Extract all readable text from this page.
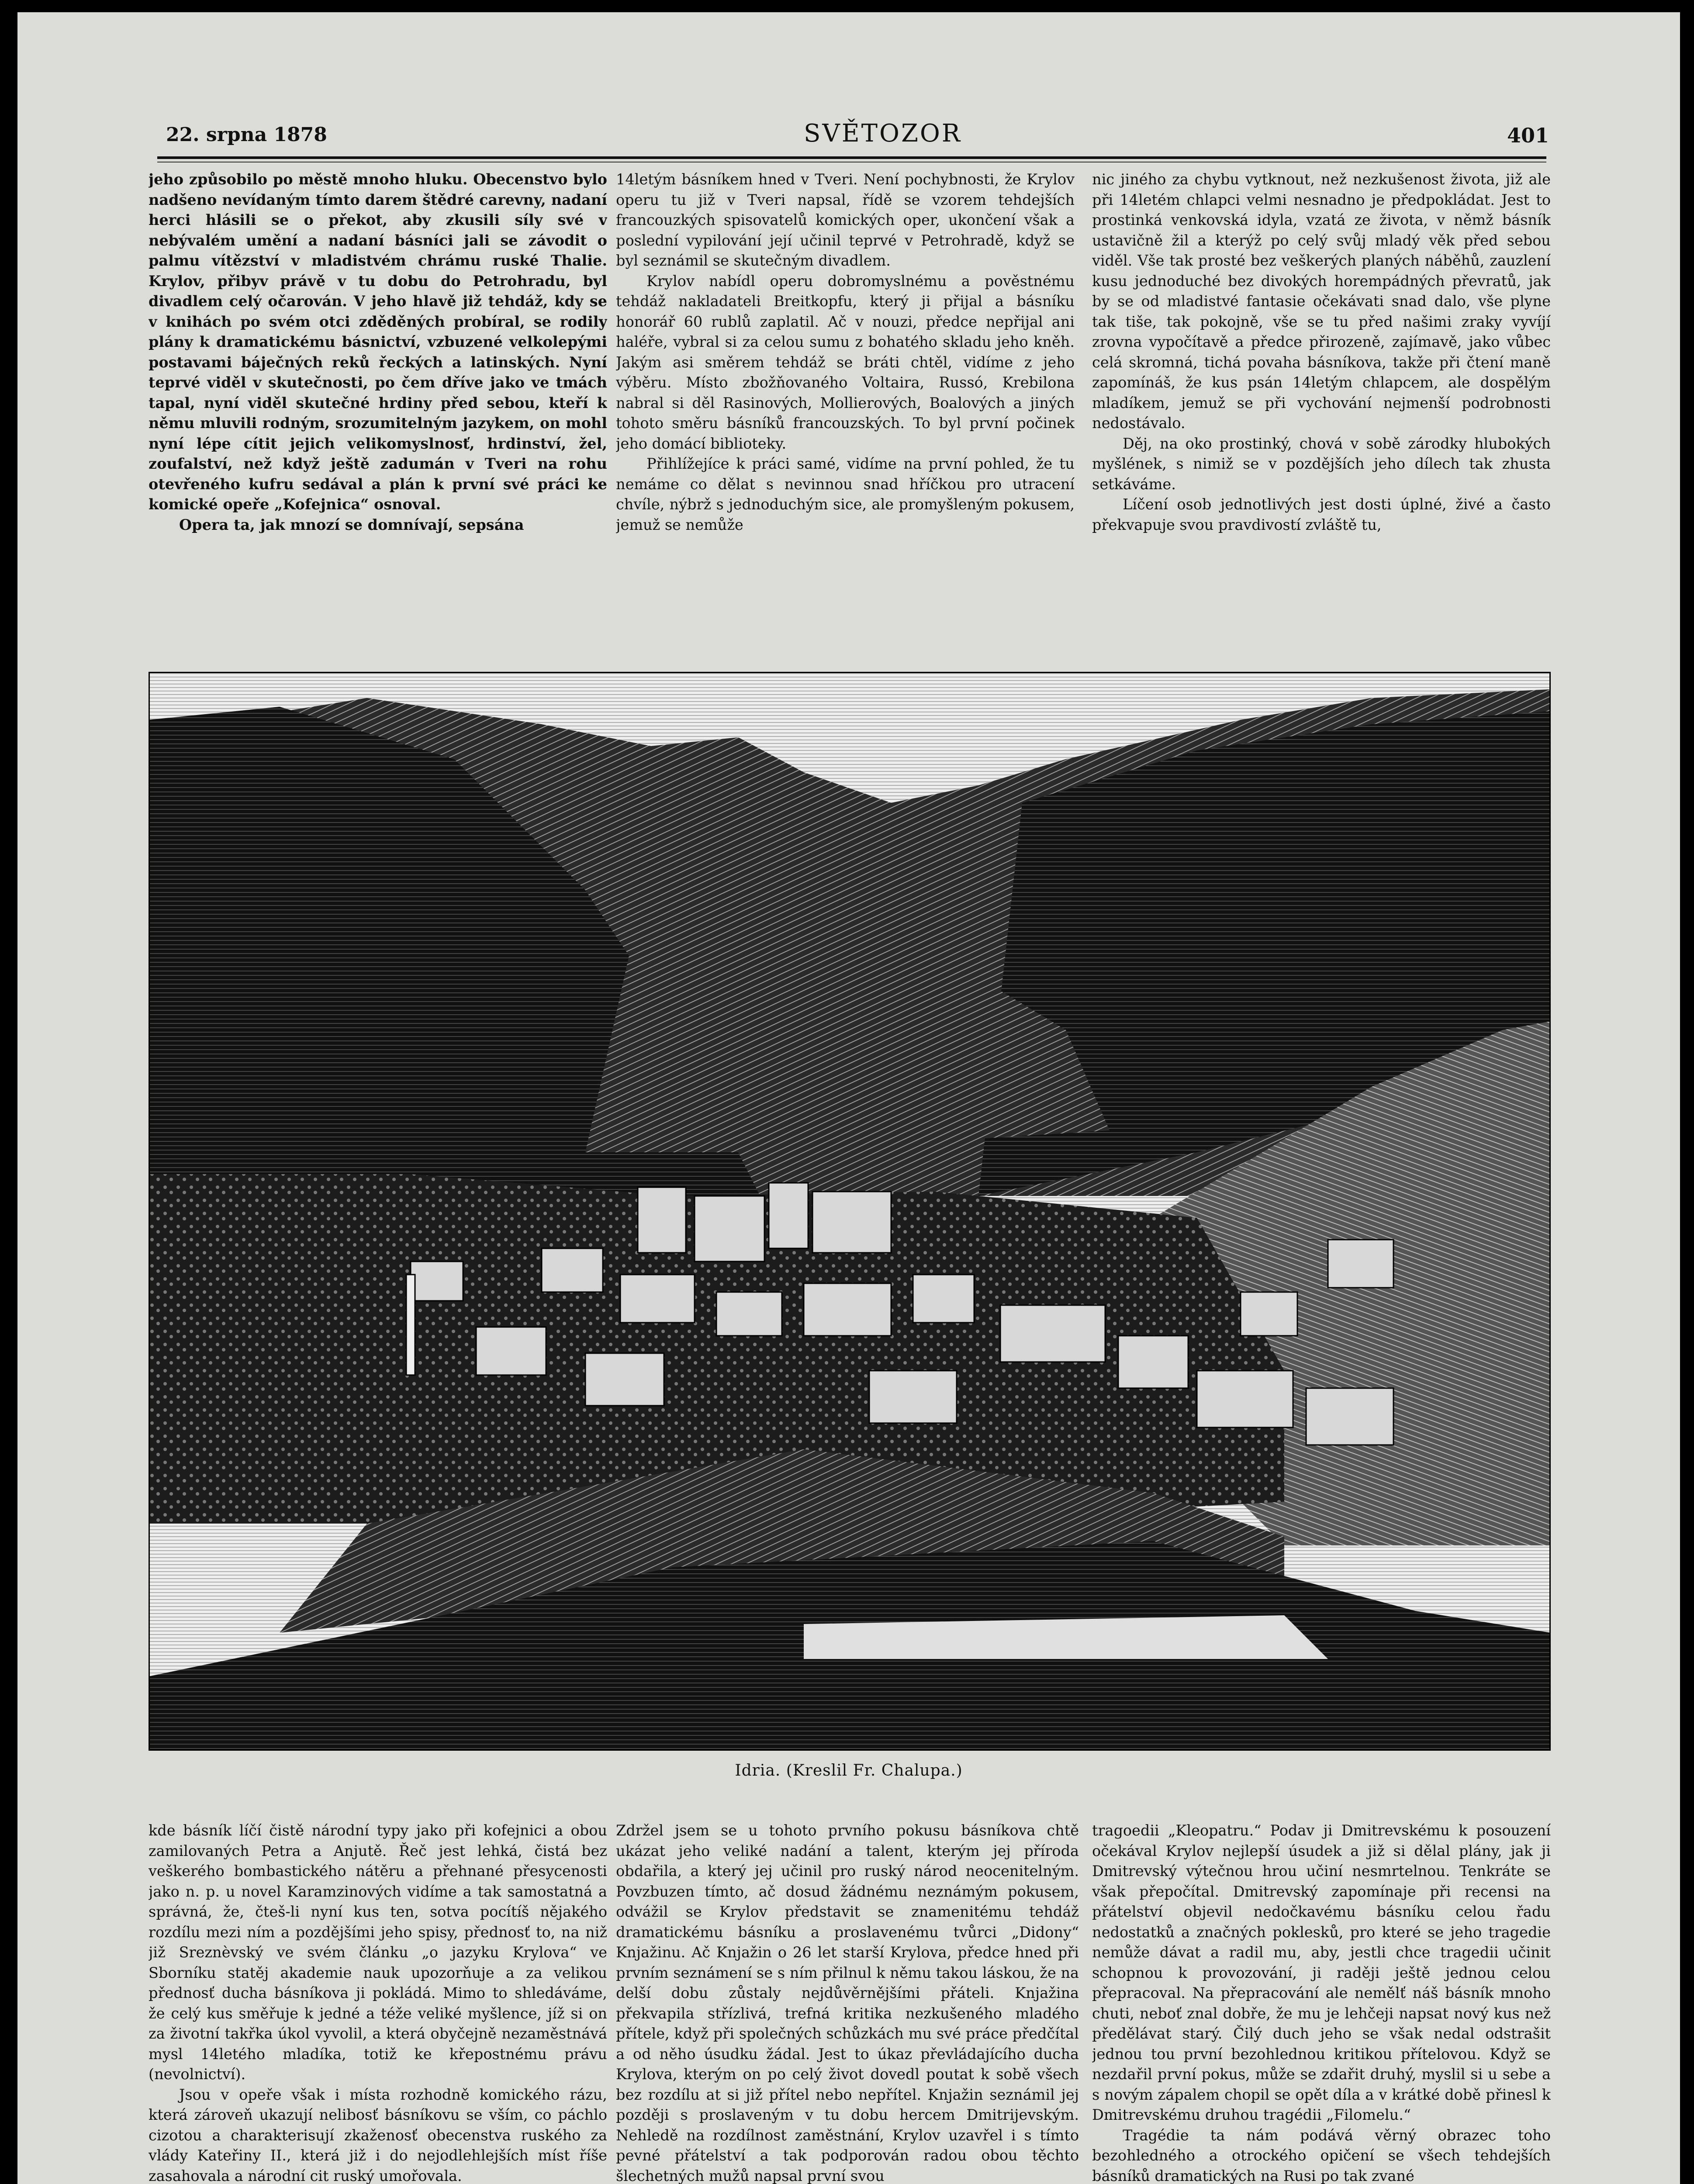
22. srpna 1878	SVĚTOZOR	401

jeho způsobilo po městě mnoho hluku. Obecenstvo bylo nadšeno nevídaným tímto darem štědré carevny, nadaní herci hlásili se o překot, aby zkusili síly své v nebývalém umění a nadaní básníci jali se závodit o palmu vítězství v mladistvém chrámu ruské Thalie. Krylov, přibyv právě v tu dobu do Petrohradu, byl divadlem celý očarován. V jeho hlavě již tehdáž, kdy se v knihách po svém otci zděděných probíral, se rodily plány k dramatickému básnictví, vzbuzené velkolepými postavami báječných reků řeckých a latinských. Nyní teprvé viděl v skutečnosti, po čem dříve jako ve tmách tapal, nyní viděl skutečné hrdiny před sebou, kteří k němu mluvili rodným, srozumitelným jazykem, on mohl nyní lépe cítit jejich velikomyslnosť, hrdinství, žel, zoufalství, než když ještě zadumán v Tveri na rohu otevřeného kufru sedával a plán k první své práci ke komické opeře „Kofejnica“ osnoval.

Opera ta, jak mnozí se domnívají, sepsána

14letým básníkem hned v Tveri. Není pochybnosti, že Krylov operu tu již v Tveri napsal, řídě se vzorem tehdejších francouzkých spisovatelů komických oper, ukončení však a poslední vypilování její učinil teprvé v Petrohradě, když se byl seznámil se skutečným divadlem.

Krylov nabídl operu dobromyslnému a pověstnému tehdáž nakladateli Breitkopfu, který ji přijal a básníku honorář 60 rublů zaplatil. Ač v nouzi, předce nepřijal ani haléře, vybral si za celou sumu z bohatého skladu jeho kněh. Jakým asi směrem tehdáž se bráti chtěl, vidíme z jeho výběru. Místo zbožňovaného Voltaira, Russó, Krebilona nabral si děl Rasinových, Mollierových, Boalových a jiných tohoto směru básníků francouzských. To byl první počinek jeho domácí biblioteky.

Přihlížejíce k práci samé, vidíme na první pohled, že tu nemáme co dělat s nevinnou snad hříčkou pro utracení chvíle, nýbrž s jednoduchým sice, ale promyšleným pokusem, jemuž se nemůže

nic jiného za chybu vytknout, než nezkušenost života, již ale při 14letém chlapci velmi nesnadno je předpokládat. Jest to prostinká venkovská idyla, vzatá ze života, v němž básník ustavičně žil a kterýž po celý svůj mladý věk před sebou viděl. Vše tak prosté bez veškerých planých náběhů, zauzlení kusu jednoduché bez divokých horempádných převratů, jak by se od mladistvé fantasie očekávati snad dalo, vše plyne tak tiše, tak pokojně, vše se tu před našimi zraky vyvíjí zrovna vypočítavě a předce přirozeně, zajímavě, jako vůbec celá skromná, tichá povaha básníkova, takže při čtení maně zapomínáš, že kus psán 14letým chlapcem, ale dospělým mladíkem, jemuž se při vychování nejmenší podrobnosti nedostávalo.

Děj, na oko prostinký, chová v sobě zárodky hlubokých myšlének, s nimiž se v pozdějších jeho dílech tak zhusta setkáváme.

Líčení osob jednotlivých jest dosti úplné, živé a často překvapuje svou pravdivostí zvláště tu,

Idria. (Kreslil Fr. Chalupa.)

kde básník líčí čistě národní typy jako při kofejnici a obou zamilovaných Petra a Anjutě. Řeč jest lehká, čistá bez veškerého bombastického nátěru a přehnané přesycenosti jako n. p. u novel Karamzinových vidíme a tak samostatná a správná, že, čteš-li nyní kus ten, sotva pocítíš nějakého rozdílu mezi ním a pozdějšími jeho spisy, přednosť to, na niž již Sreznèvský ve svém článku „o jazyku Krylova“ ve Sborníku statěj akademie nauk upozorňuje a za velikou přednosť ducha básníkova ji pokládá. Mimo to shledáváme, že celý kus směřuje k jedné a téže veliké myšlence, jíž si on za životní takřka úkol vyvolil, a která obyčejně nezaměstnává mysl 14letého mladíka, totiž ke křepostnému právu (nevolnictví).

Jsou v opeře však i místa rozhodně komického rázu, která zároveň ukazují nelibosť básníkovu se vším, co páchlo cizotou a charakterisují zkaženosť obecenstva ruského za vlády Kateřiny II., která již i do nejodlehlejších míst říše zasahovala a národní cit ruský umořovala.

Zdržel jsem se u tohoto prvního pokusu básníkova chtě ukázat jeho veliké nadání a talent, kterým jej příroda obdařila, a který jej učinil pro ruský národ neocenitelným. Povzbuzen tímto, ač dosud žádnému neznámým pokusem, odvážil se Krylov představit se znamenitému tehdáž dramatickému básníku a proslavenému tvůrci „Didony“ Knjažinu. Ač Knjažin o 26 let starší Krylova, předce hned při prvním seznámení se s ním přilnul k němu takou láskou, že na delší dobu zůstaly nejdůvěrnějšími přáteli. Knjažina překvapila střízlivá, trefná kritika nezkušeného mladého přítele, když při společných schůzkách mu své práce předčítal a od něho úsudku žádal. Jest to úkaz převládajícího ducha Krylova, kterým on po celý život dovedl poutat k sobě všech bez rozdílu at si již přítel nebo nepřítel. Knjažin seznámil jej později s proslaveným v tu dobu hercem Dmitrijevským. Nehledě na rozdílnost zaměstnání, Krylov uzavřel i s tímto pevné přátelství a tak podporován radou obou těchto šlechetných mužů napsal první svou

tragoedii „Kleopatru.“ Podav ji Dmitrevskému k posouzení očekával Krylov nejlepší úsudek a již si dělal plány, jak ji Dmitrevský výtečnou hrou učiní nesmrtelnou. Tenkráte se však přepočítal. Dmitrevský zapomínaje při recensi na přátelství objevil nedočkavému básníku celou řadu nedostatků a značných poklesků, pro které se jeho tragedie nemůže dávat a radil mu, aby, jestli chce tragedii učinit schopnou k provozování, ji raději ještě jednou celou přepracoval. Na přepracování ale nemělť náš básník mnoho chuti, neboť znal dobře, že mu je lehčeji napsat nový kus než předělávat starý. Čilý duch jeho se však nedal odstrašit jednou tou první bezohlednou kritikou přítelovou. Když se nezdařil první pokus, může se zdařit druhý, myslil si u sebe a s novým zápalem chopil se opět díla a v krátké době přinesl k Dmitrevskému druhou tragédii „Filomelu.“

Tragédie ta nám podává věrný obrazec toho bezohledného a otrockého opičení se všech tehdejších básníků dramatických na Rusi po tak zvané
